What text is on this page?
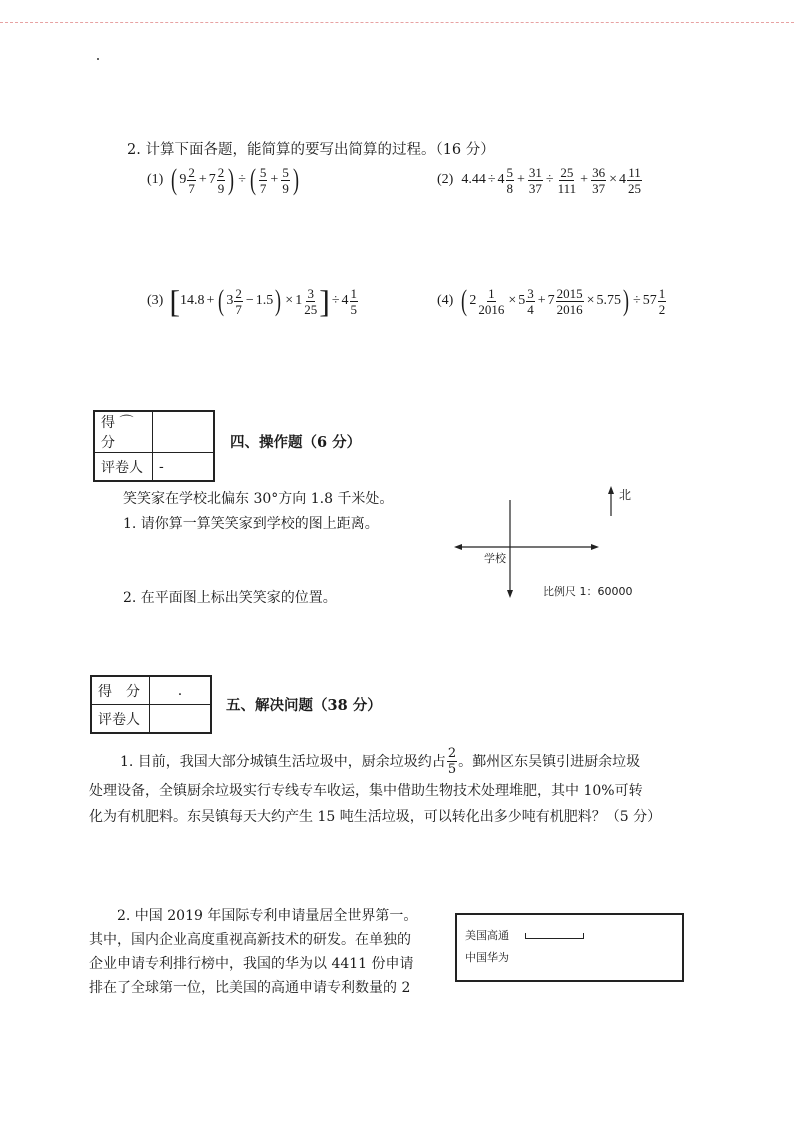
2. 计算下面各题，能简算的要写出简算的过程。（16 分）
(1) ( $9 \frac{2}{7} + 7 \frac{2}{9}$ ) ÷ ( $\frac{5}{7} + \frac{5}{9}$ )	(2) $4.44 \div 4 \frac{5}{8} + \frac{31}{37} \div \frac{25}{111} + \frac{36}{37} \times 4 \frac{11}{25}$
(3) [ 14.8 + ( $3 \frac{2}{7} - 1.5$ ) × $1 \frac{3}{25}$ ] ÷ $4 \frac{1}{5}$	(4) ( $2 \frac{1}{2016} \times 5 \frac{3}{4} + 7 \frac{2015}{2016} \times 5.75$ ) ÷ $57 \frac{1}{2}$
得 ⌒ 分	
评卷人	-
四、操作题（6 分）
笑笑家在学校北偏东 30°方向 1.8 千米处。
1. 请你算一算笑笑家到学校的图上距离。
2. 在平面图上标出笑笑家的位置。
北
学校
比例尺 1：60000
得　分	.
评卷人	
五、解决问题（38 分）
1. 目前，我国大部分城镇生活垃圾中，厨余垃圾约占 $\frac{2}{5}$ 。鄞州区东吴镇引进厨余垃圾
处理设备，全镇厨余垃圾实行专线专车收运，集中借助生物技术处理堆肥，其中 10%可转
化为有机肥料。东吴镇每天大约产生 15 吨生活垃圾，可以转化出多少吨有机肥料？（5 分）
2. 中国 2019 年国际专利申请量居全世界第一。
其中，国内企业高度重视高新技术的研发。在单独的
企业申请专利排行榜中，我国的华为以 4411 份申请
排在了全球第一位，比美国的高通申请专利数量的 2
美国高通
中国华为
